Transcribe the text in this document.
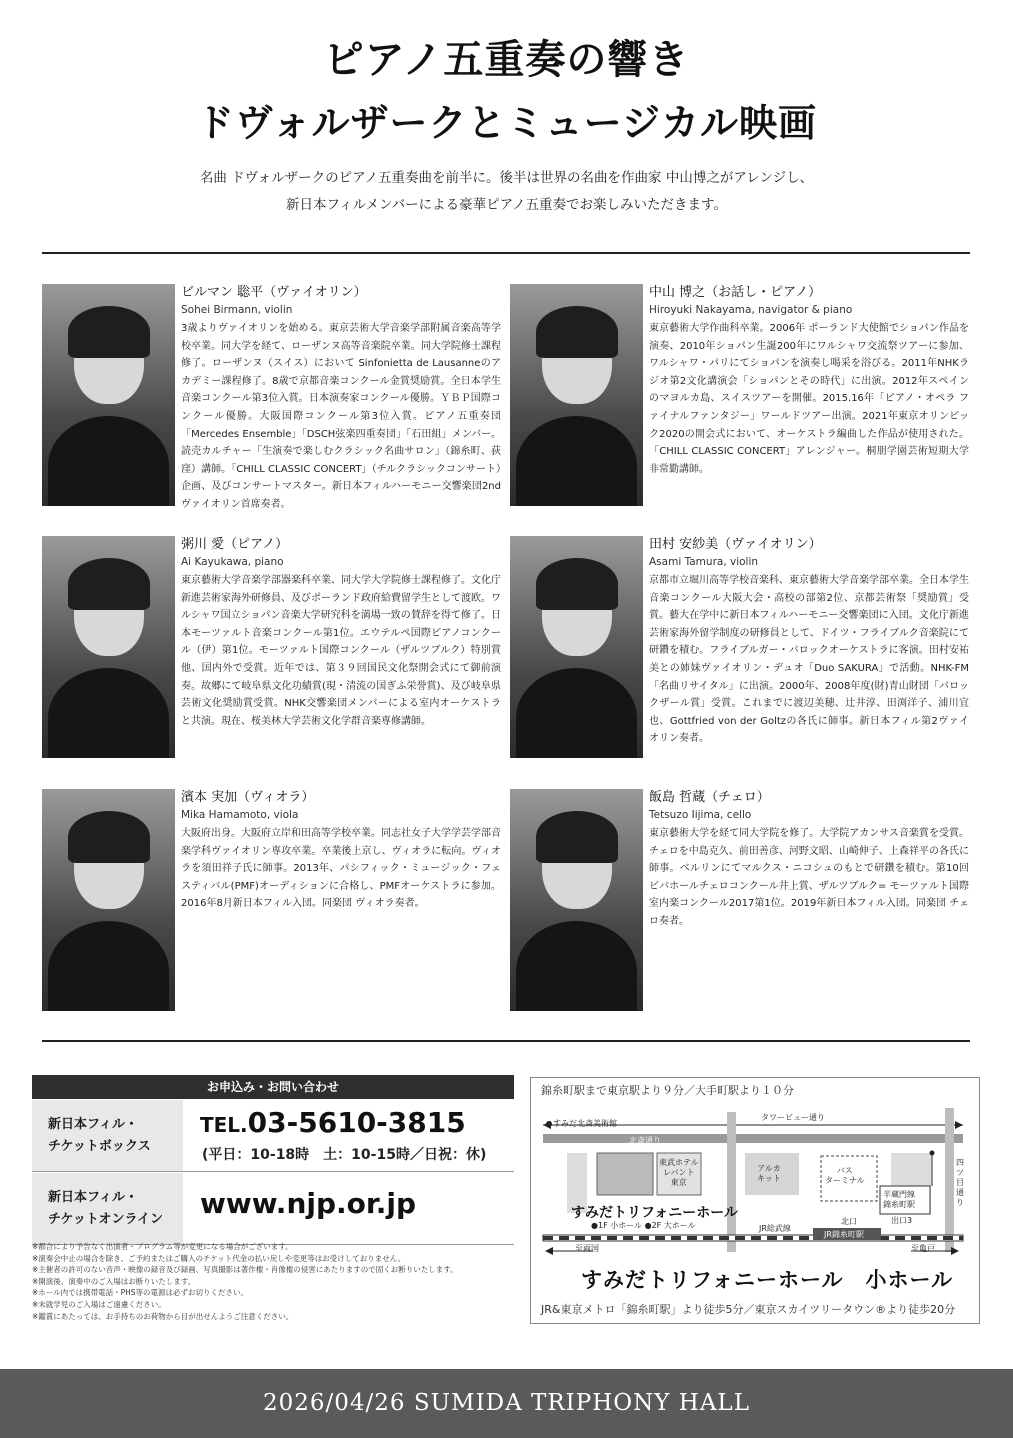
ピアノ五重奏の響き
ドヴォルザークとミュージカル映画
名曲 ドヴォルザークのピアノ五重奏曲を前半に。後半は世界の名曲を作曲家 中山博之がアレンジし、
新日本フィルメンバーによる豪華ピアノ五重奏でお楽しみいただきます。
ビルマン 聡平（ヴァイオリン）
Sohei Birmann, violin
3歳よりヴァイオリンを始める。東京芸術大学音楽学部附属音楽高等学校卒業。同大学を経て、ローザンヌ高等音楽院卒業。同大学院修士課程修了。ローザンヌ（スイス）において Sinfonietta de Lausanneのアカデミー課程修了。8歳で京都音楽コンクール金賞奨励賞。全日本学生音楽コンクール第3位入賞。日本演奏家コンクール優勝。ＹＢＰ国際コンクール優勝。大阪国際コンクール第3位入賞。ピアノ五重奏団「Mercedes Ensemble」「DSCH弦楽四重奏団」「石田組」メンバー。読売カルチャー「生演奏で楽しむクラシック名曲サロン」（錦糸町、荻窪）講師。「CHILL CLASSIC CONCERT」（チルクラシックコンサート）企画、及びコンサートマスター。新日本フィルハーモニー交響楽団2ndヴァイオリン首席奏者。
中山 博之（お話し・ピアノ）
Hiroyuki Nakayama, navigator & piano
東京藝術大学作曲科卒業。2006年 ポーランド大使館でショパン作品を演奏、2010年ショパン生誕200年にワルシャワ交流祭ツアーに参加、ワルシャワ・パリにてショパンを演奏し喝采を浴びる。2011年NHKラジオ第2文化講演会「ショパンとその時代」に出演。2012年スペインのマヨルカ島、スイスツアーを開催。2015.16年「ピアノ・オペラ ファイナルファンタジー」ワールドツアー出演。2021年東京オリンピック2020の開会式において、オーケストラ編曲した作品が使用された。「CHILL CLASSIC CONCERT」アレンジャー。桐朋学園芸術短期大学非常勤講師。
粥川 愛（ピアノ）
Ai Kayukawa, piano
東京藝術大学音楽学部器楽科卒業、同大学大学院修士課程修了。文化庁新進芸術家海外研修員、及びポーランド政府給費留学生として渡欧。ワルシャワ国立ショパン音楽大学研究科を満場一致の賛辞を得て修了。日本モーツァルト音楽コンクール第1位。エウテルペ国際ピアノコンクール（伊）第1位。モーツァルト国際コンクール（ザルツブルク）特別賞他、国内外で受賞。近年では、第３９回国民文化祭開会式にて御前演奏。故郷にて岐阜県文化功績賞(現・清流の国ぎふ栄誉賞)、及び岐阜県芸術文化奨励賞受賞。NHK交響楽団メンバーによる室内オーケストラと共演。現在、桜美林大学芸術文化学群音楽専修講師。
田村 安紗美（ヴァイオリン）
Asami Tamura, violin
京都市立堀川高等学校音楽科、東京藝術大学音楽学部卒業。全日本学生音楽コンクール大阪大会・高校の部第2位、京都芸術祭「奨励賞」受賞。藝大在学中に新日本フィルハーモニー交響楽団に入団。文化庁新進芸術家海外留学制度の研修員として、ドイツ・フライブルク音楽院にて研鑽を積む。フライブルガー・バロックオーケストラに客演。田村安祐美との姉妹ヴァイオリン・デュオ「Duo SAKURA」で活動。NHK-FM「名曲リサイタル」に出演。2000年、2008年度(財)青山財団「バロックザール賞」受賞。これまでに渡辺美穂、辻井淳、田渕洋子、浦川宜也、Gottfried von der Goltzの各氏に師事。新日本フィル第2ヴァイオリン奏者。
濱本 実加（ヴィオラ）
Mika Hamamoto, viola
大阪府出身。大阪府立岸和田高等学校卒業。同志社女子大学学芸学部音楽学科ヴァイオリン専攻卒業。卒業後上京し、ヴィオラに転向。ヴィオラを須田祥子氏に師事。2013年、パシフィック・ミュージック・フェスティバル(PMF)オーディションに合格し、PMFオーケストラに参加。2016年8月新日本フィル入団。同楽団 ヴィオラ奏者。
飯島 哲蔵（チェロ）
Tetsuzo Iijima, cello
東京藝術大学を経て同大学院を修了。大学院アカンサス音楽賞を受賞。チェロを中島克久、前田善彦、河野文昭、山崎伸子、上森祥平の各氏に師事。ベルリンにてマルクス・ニコシュのもとで研鑽を積む。第10回ビバホールチェロコンクール井上賞、ザルツブルク= モーツァルト国際室内楽コンクール2017第1位。2019年新日本フィル入団。同楽団 チェロ奏者。
お申込み・お問い合わせ
新日本フィル・
チケットボックス
TEL.03-5610-3815
(平日：10-18時　土：10-15時／日祝：休)
新日本フィル・
チケットオンライン	www.njp.or.jp
※都合により予告なく出演者・プログラム等が変更になる場合がございます。
※演奏会中止の場合を除き、ご予約またはご購入のチケット代金の払い戻しや変更等はお受けしておりません。
※主催者の許可のない音声・映像の録音及び録画、写真撮影は著作権・肖像権の侵害にあたりますので固くお断りいたします。
※開演後、演奏中のご入場はお断りいたします。
※ホール内では携帯電話・PHS等の電源は必ずお切りください。
※未就学児のご入場はご遠慮ください。
※鑑賞にあたっては、お手持ちのお荷物から目が出せんようご注意ください。
錦糸町駅まで東京駅より９分／大手町駅より１０分
すみだ北斎美術館
タワービュー通り
北斎通り
東武ホテル
レバント
東京
アルカ
キット
バス
ターミナル
四ツ目通り
半蔵門線
錦糸町駅
出口3
すみだトリフォニーホール
●1F 小ホール ●2F 大ホール	JR総武線
北口
JR錦糸町駅
至両国	至亀戸
すみだトリフォニーホール　小ホール
JR&東京メトロ「錦糸町駅」より徒歩5分／東京スカイツリータウン®より徒歩20分
2026/04/26 SUMIDA TRIPHONY HALL
